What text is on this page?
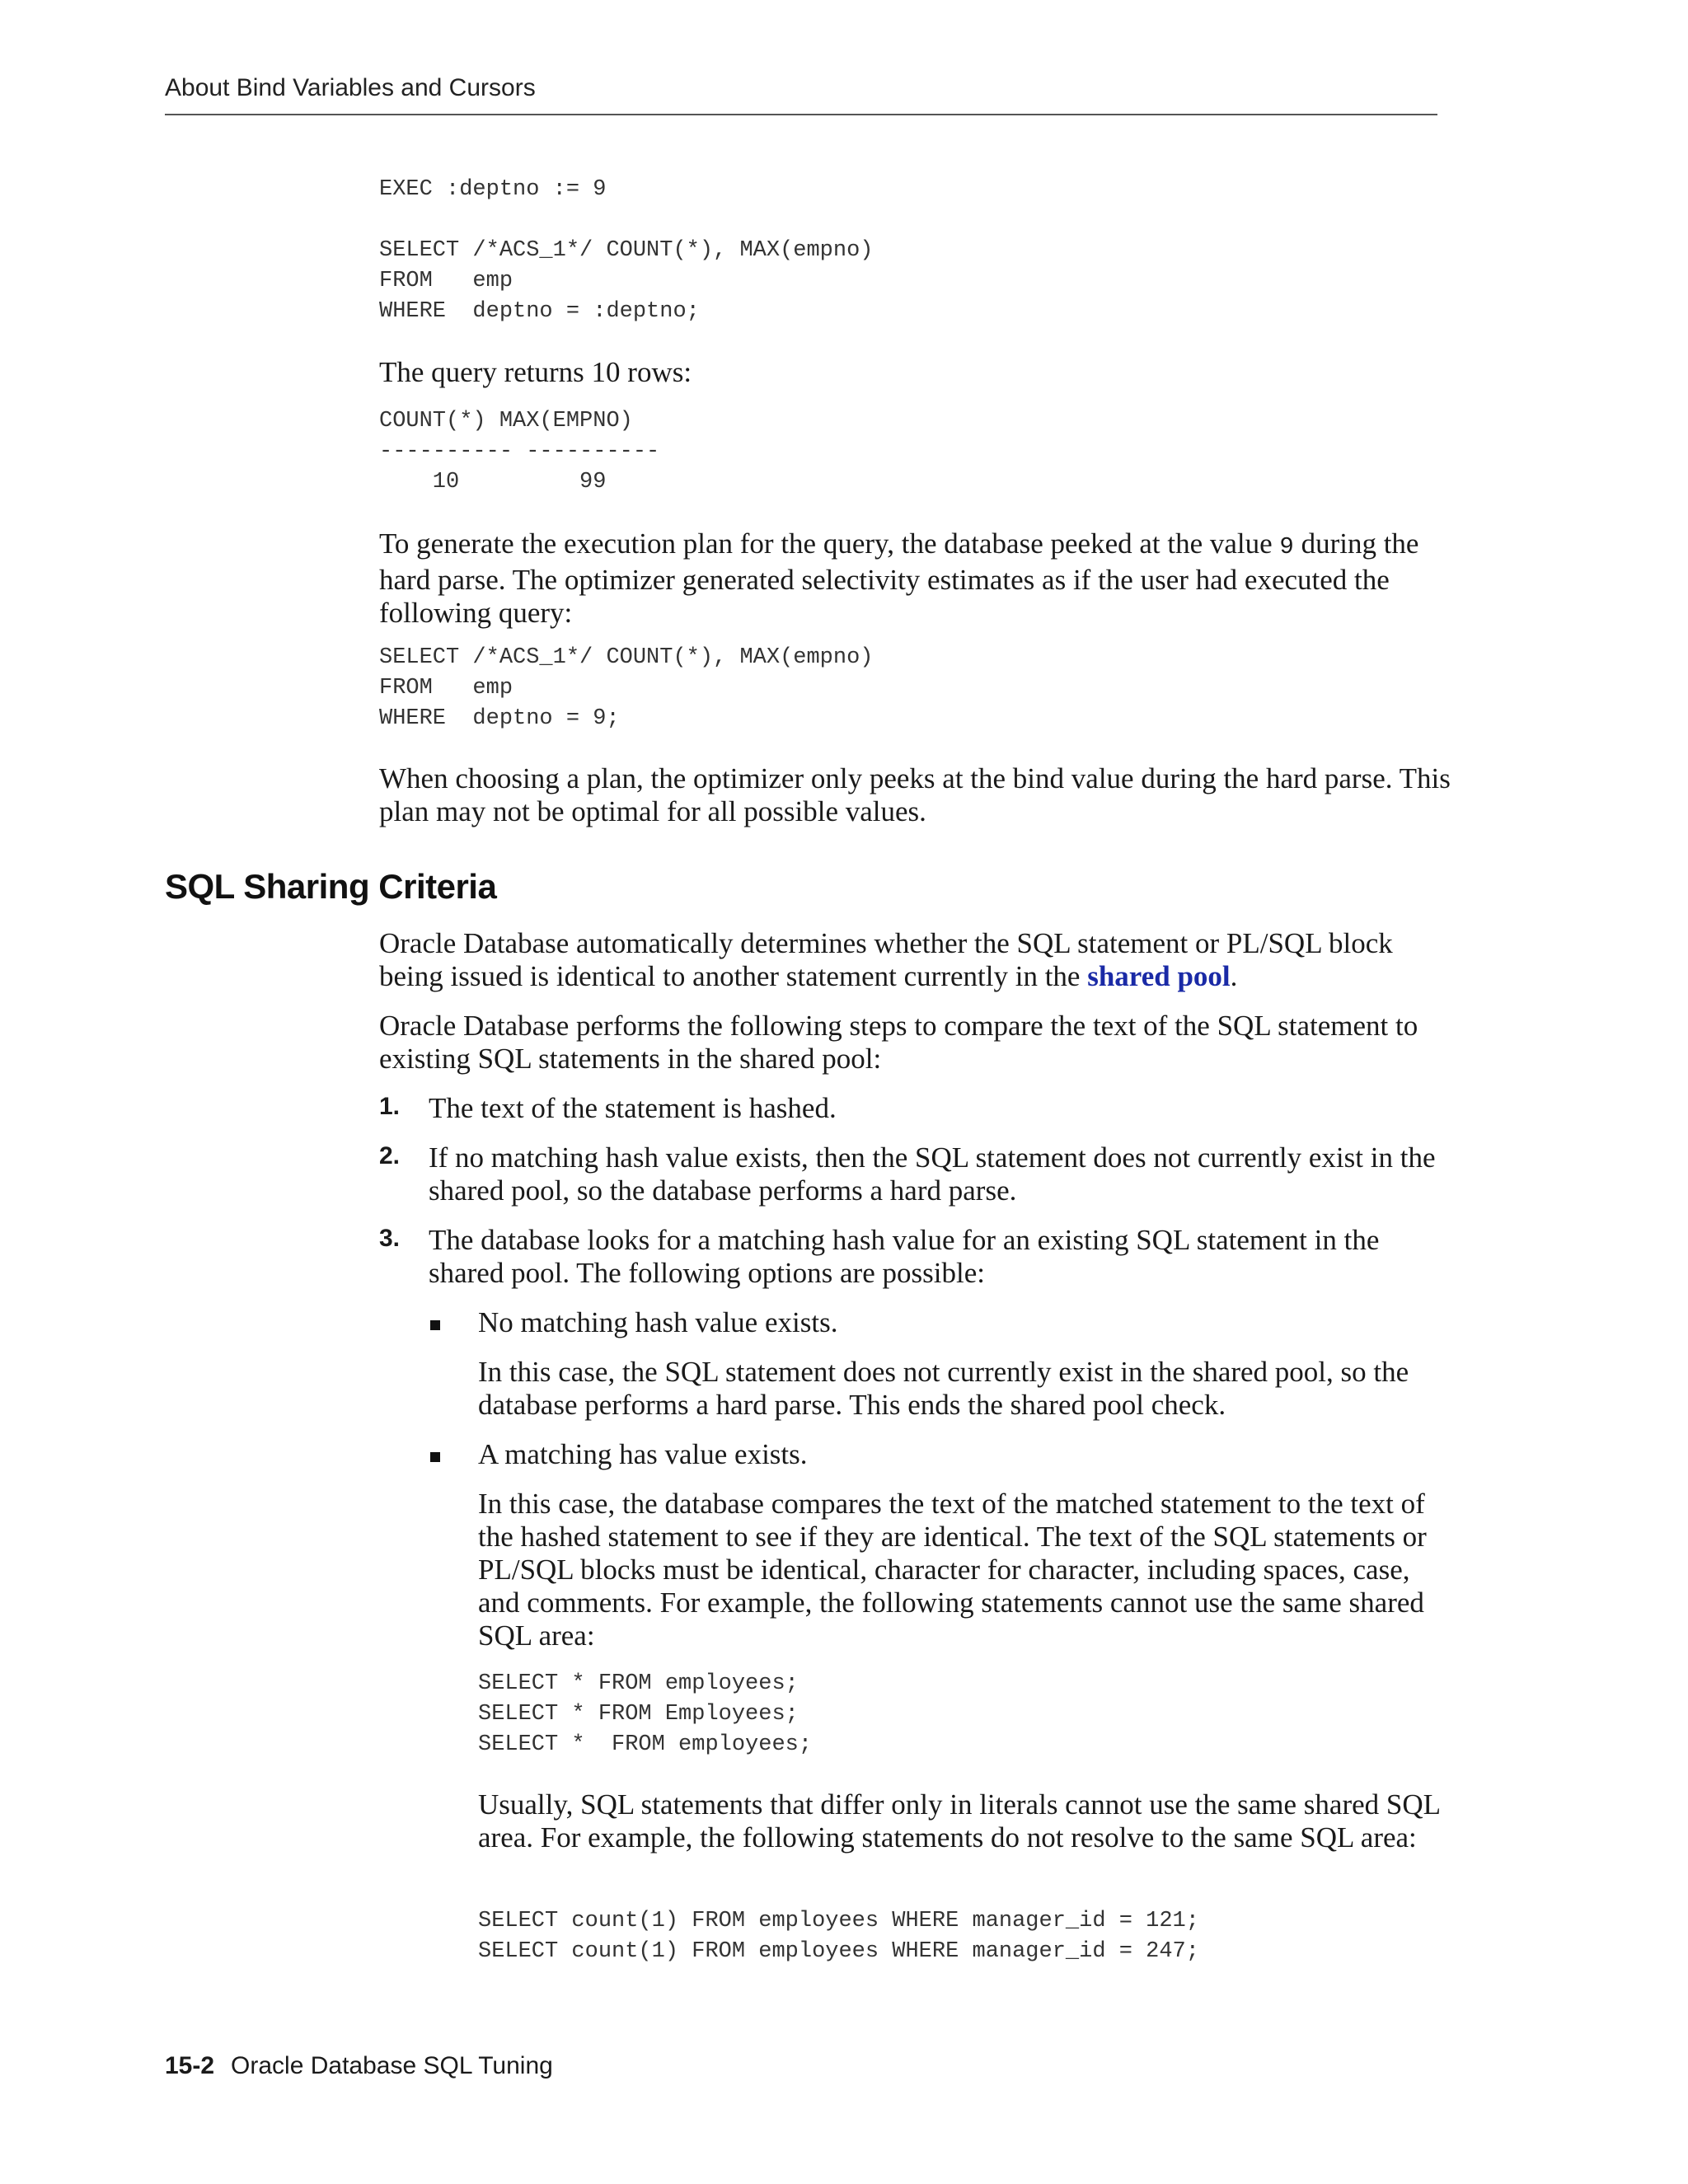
About Bind Variables and Cursors
EXEC :deptno := 9
SELECT /*ACS_1*/ COUNT(*), MAX(empno)
FROM   emp
WHERE  deptno = :deptno;

The query returns 10 rows:

COUNT(*) MAX(EMPNO)
---------- ----------
10         99

To generate the execution plan for the query, the database peeked at the value 9 during the hard parse. The optimizer generated selectivity estimates as if the user had executed the following query:

SELECT /*ACS_1*/ COUNT(*), MAX(empno)
FROM   emp
WHERE  deptno = 9;

When choosing a plan, the optimizer only peeks at the bind value during the hard parse. This plan may not be optimal for all possible values.

SQL Sharing Criteria

Oracle Database automatically determines whether the SQL statement or PL/SQL block being issued is identical to another statement currently in the shared pool.

Oracle Database performs the following steps to compare the text of the SQL statement to existing SQL statements in the shared pool:

1. The text of the statement is hashed.

2. If no matching hash value exists, then the SQL statement does not currently exist in the shared pool, so the database performs a hard parse.

3. The database looks for a matching hash value for an existing SQL statement in the shared pool. The following options are possible:

No matching hash value exists.

In this case, the SQL statement does not currently exist in the shared pool, so the database performs a hard parse. This ends the shared pool check.

A matching has value exists.

In this case, the database compares the text of the matched statement to the text of the hashed statement to see if they are identical. The text of the SQL statements or PL/SQL blocks must be identical, character for character, including spaces, case, and comments. For example, the following statements cannot use the same shared SQL area:

SELECT * FROM employees;
SELECT * FROM Employees;
SELECT *  FROM employees;

Usually, SQL statements that differ only in literals cannot use the same shared SQL area. For example, the following statements do not resolve to the same SQL area:

SELECT count(1) FROM employees WHERE manager_id = 121;
SELECT count(1) FROM employees WHERE manager_id = 247;
15-2 Oracle Database SQL Tuning
